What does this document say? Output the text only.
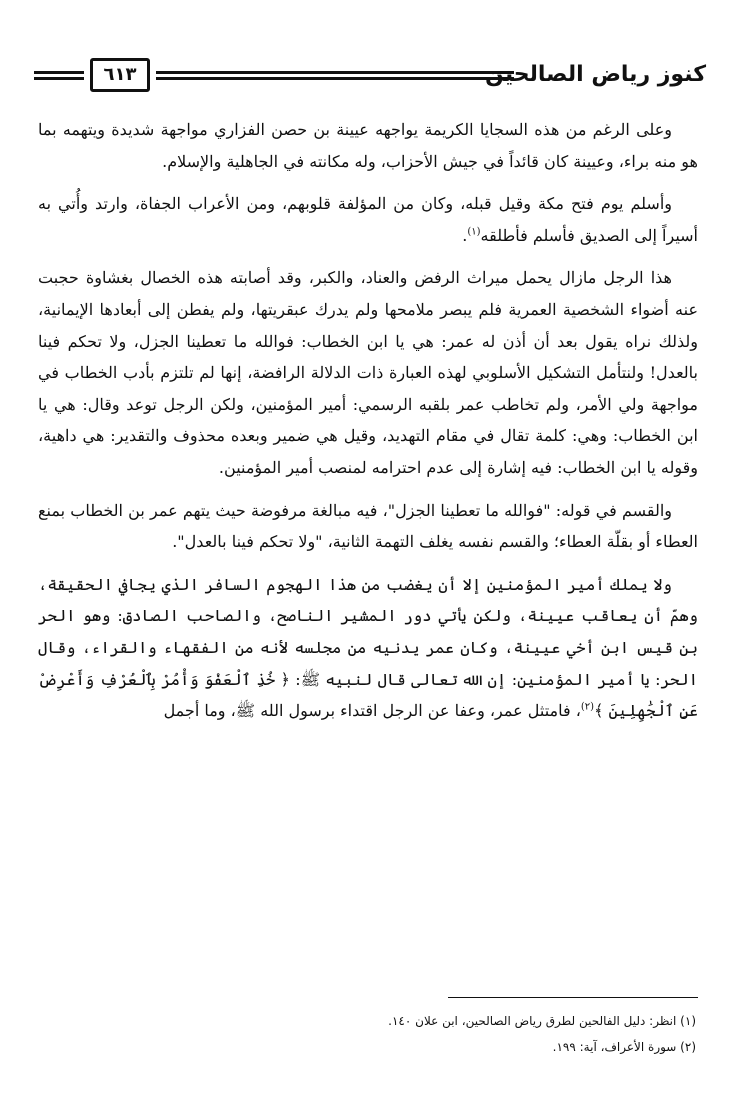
كنوز رياض الصالحين
٦١٣

وعلى الرغم من هذه السجايا الكريمة يواجهه عيينة بن حصن الفزاري مواجهة شديدة ويتهمه بما هو منه براء، وعيينة كان قائداً في جيش الأحزاب، وله مكانته في الجاهلية والإسلام.

وأسلم يوم فتح مكة وقيل قبله، وكان من المؤلفة قلوبهم، ومن الأعراب الجفاة، وارتد وأُتي به أسيراً إلى الصديق فأسلم فأطلقه$^{(١)}$.

هذا الرجل مازال يحمل ميراث الرفض والعناد، والكبر، وقد أصابته هذه الخصال بغشاوة حجبت عنه أضواء الشخصية العمرية فلم يبصر ملامحها ولم يدرك عبقريتها، ولم يفطن إلى أبعادها الإيمانية، ولذلك نراه يقول بعد أن أذن له عمر: هي يا ابن الخطاب: فوالله ما تعطينا الجزل، ولا تحكم فينا بالعدل! ولنتأمل التشكيل الأسلوبي لهذه العبارة ذات الدلالة الرافضة، إنها لم تلتزم بأدب الخطاب في مواجهة ولي الأمر، ولم تخاطب عمر بلقبه الرسمي: أمير المؤمنين، ولكن الرجل توعد وقال: هي يا ابن الخطاب: وهي: كلمة تقال في مقام التهديد، وقيل هي ضمير وبعده محذوف والتقدير: هي داهية، وقوله يا ابن الخطاب: فيه إشارة إلى عدم احترامه لمنصب أمير المؤمنين.

والقسم في قوله: "فوالله ما تعطينا الجزل"، فيه مبالغة مرفوضة حيث يتهم عمر بن الخطاب بمنع العطاء أو بقلّة العطاء؛ والقسم نفسه يغلف التهمة الثانية، "ولا تحكم فينا بالعدل".

ولا يملك أمير المؤمنين إلا أن يغضب من هذا الهجوم السافر الذي يجافي الحقيقة، وهمّ أن يعاقب عيينة، ولكن يأتي دور المشير الناصح، والصاحب الصادق: وهو الحر بن قيس ابن أخي عيينة، وكان عمر يدنيه من مجلسه لأنه من الفقهاء والقراء، وقال الحر: يا أمير المؤمنين: إن الله تعالى قال لنبيه ﷺ: ﴿ خُذِ ٱلْعَفْوَ وَأْمُرْ بِٱلْعُرْفِ وَأَعْرِضْ عَنِ ٱلْجَٰهِلِينَ ﴾$^{(٢)}$، فامتثل عمر، وعفا عن الرجل اقتداء برسول الله ﷺ، وما أجمل

(١) انظر: دليل الفالحين لطرق رياض الصالحين، ابن علان ١٤٠.
(٢) سورة الأعراف، آية: ١٩٩.
